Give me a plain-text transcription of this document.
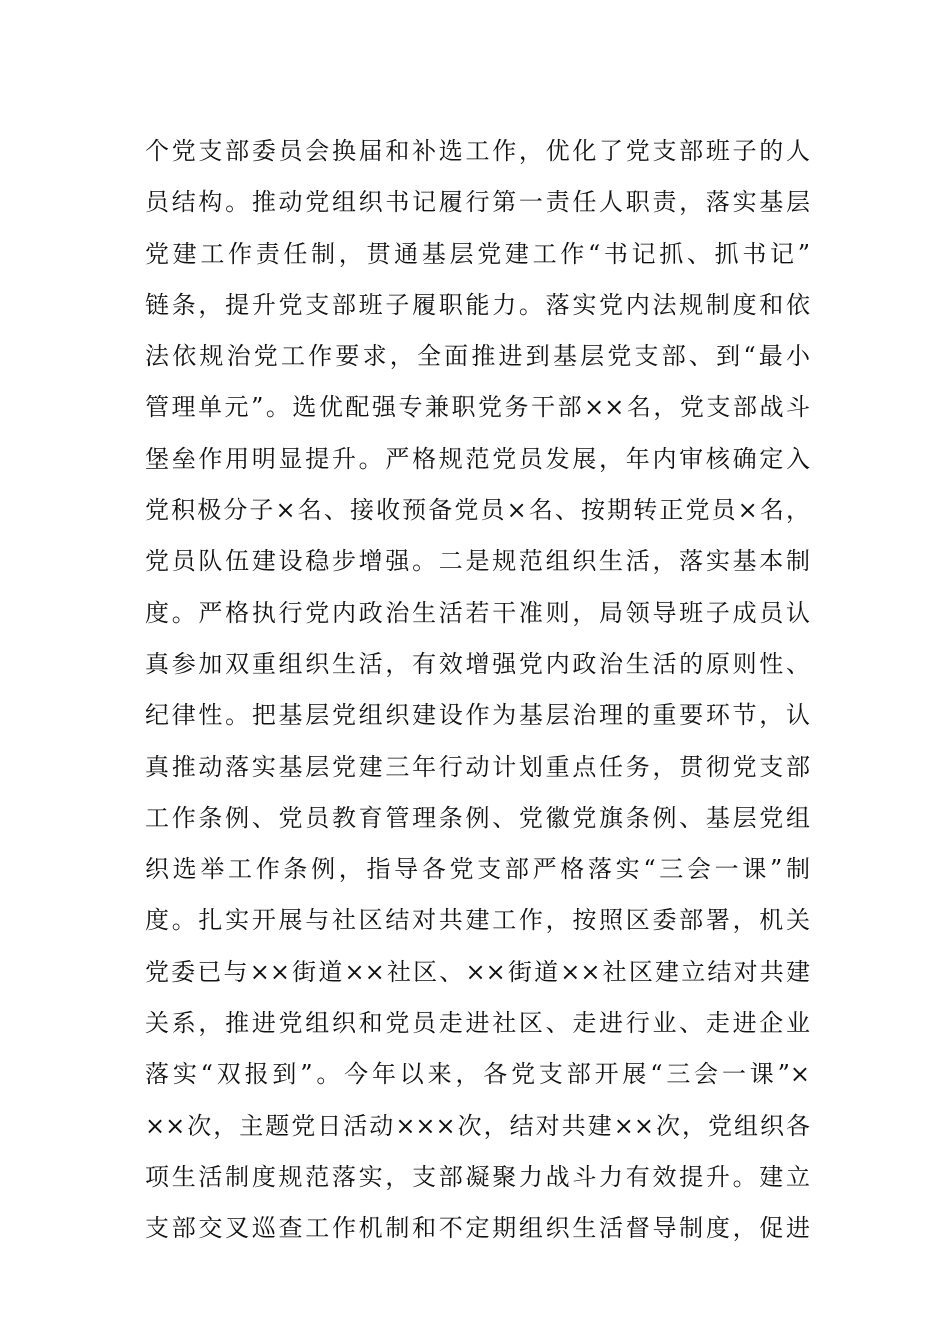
个党支部委员会换届和补选工作，优化了党支部班子的人
员结构。推动党组织书记履行第一责任人职责，落实基层
党建工作责任制，贯通基层党建工作“书记抓、抓书记”
链条，提升党支部班子履职能力。落实党内法规制度和依
法依规治党工作要求，全面推进到基层党支部、到“最小
管理单元”。选优配强专兼职党务干部××名，党支部战斗
堡垒作用明显提升。严格规范党员发展，年内审核确定入
党积极分子×名、接收预备党员×名、按期转正党员×名，
党员队伍建设稳步增强。二是规范组织生活，落实基本制
度。严格执行党内政治生活若干准则，局领导班子成员认
真参加双重组织生活，有效增强党内政治生活的原则性、
纪律性。把基层党组织建设作为基层治理的重要环节，认
真推动落实基层党建三年行动计划重点任务，贯彻党支部
工作条例、党员教育管理条例、党徽党旗条例、基层党组
织选举工作条例，指导各党支部严格落实“三会一课”制
度。扎实开展与社区结对共建工作，按照区委部署，机关
党委已与××街道××社区、××街道××社区建立结对共建
关系，推进党组织和党员走进社区、走进行业、走进企业
落实“双报到”。今年以来，各党支部开展“三会一课”×
××次，主题党日活动×××次，结对共建××次，党组织各
项生活制度规范落实，支部凝聚力战斗力有效提升。建立
支部交叉巡查工作机制和不定期组织生活督导制度，促进
